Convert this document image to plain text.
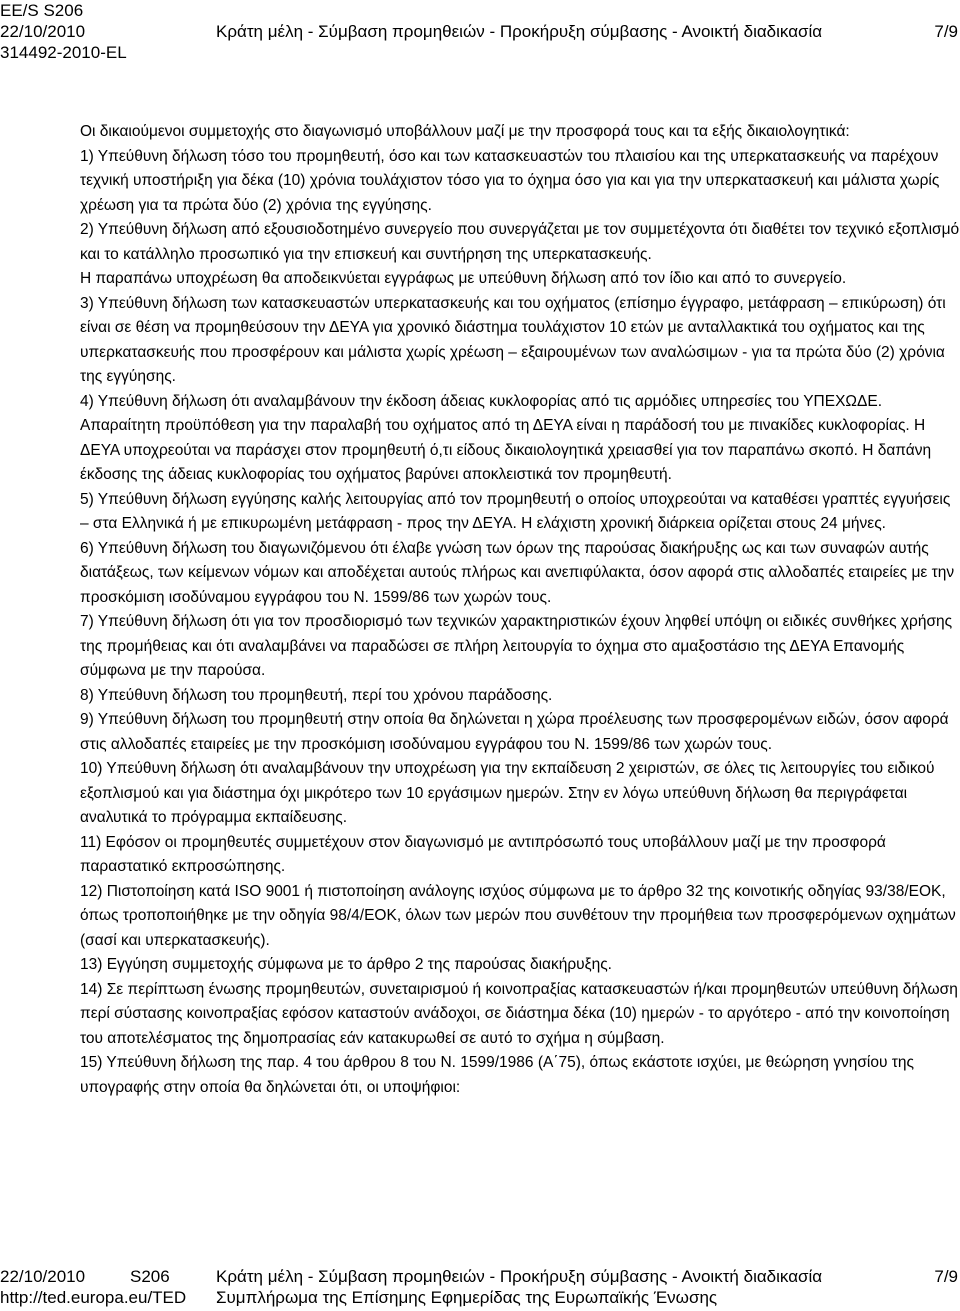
EE/S S206
22/10/2010	Κράτη μέλη - Σύμβαση προμηθειών - Προκήρυξη σύμβασης - Ανοικτή διαδικασία	7/9
314492-2010-EL

Οι δικαιούμενοι συμμετοχής στο διαγωνισμό υποβάλλουν μαζί με την προσφορά τους και τα εξής δικαιολογητικά:

1) Υπεύθυνη δήλωση τόσο του προμηθευτή, όσο και των κατασκευαστών του πλαισίου και της υπερκατασκευής να παρέχουν τεχνική υποστήριξη για δέκα (10) χρόνια τουλάχιστον τόσο για το όχημα όσο για και για την υπερκατασκευή και μάλιστα χωρίς χρέωση για τα πρώτα δύο (2) χρόνια της εγγύησης.

2) Υπεύθυνη δήλωση από εξουσιοδοτημένο συνεργείο που συνεργάζεται με τον συμμετέχοντα ότι διαθέτει τον τεχνικό εξοπλισμό και το κατάλληλο προσωπικό για την επισκευή και συντήρηση της υπερκατασκευής.

Η παραπάνω υποχρέωση θα αποδεικνύεται εγγράφως με υπεύθυνη δήλωση από τον ίδιο και από το συνεργείο.

3) Υπεύθυνη δήλωση των κατασκευαστών υπερκατασκευής και του οχήματος (επίσημο έγγραφο, μετάφραση – επικύρωση) ότι είναι σε θέση να προμηθεύσουν την ΔΕΥΑ για χρονικό διάστημα τουλάχιστον 10 ετών με ανταλλακτικά του οχήματος και της υπερκατασκευής που προσφέρουν και μάλιστα χωρίς χρέωση – εξαιρουμένων των αναλώσιμων - για τα πρώτα δύο (2) χρόνια της εγγύησης.

4) Υπεύθυνη δήλωση ότι αναλαμβάνουν την έκδοση άδειας κυκλοφορίας από τις αρμόδιες υπηρεσίες του ΥΠΕΧΩΔΕ. Απαραίτητη προϋπόθεση για την παραλαβή του οχήματος από τη ΔΕΥΑ είναι η παράδοσή του με πινακίδες κυκλοφορίας. Η ΔΕΥΑ υποχρεούται να παράσχει στον προμηθευτή ό,τι είδους δικαιολογητικά χρειασθεί για τον παραπάνω σκοπό. Η δαπάνη έκδοσης της άδειας κυκλοφορίας του οχήματος βαρύνει αποκλειστικά τον προμηθευτή.

5) Υπεύθυνη δήλωση εγγύησης καλής λειτουργίας από τον προμηθευτή ο οποίος υποχρεούται να καταθέσει γραπτές εγγυήσεις – στα Ελληνικά ή με επικυρωμένη μετάφραση - προς την ΔΕΥΑ. Η ελάχιστη χρονική διάρκεια ορίζεται στους 24 μήνες.

6) Υπεύθυνη δήλωση του διαγωνιζόμενου ότι έλαβε γνώση των όρων της παρούσας διακήρυξης ως και των συναφών αυτής διατάξεως, των κείμενων νόμων και αποδέχεται αυτούς πλήρως και ανεπιφύλακτα, όσον αφορά στις αλλοδαπές εταιρείες με την προσκόμιση ισοδύναμου εγγράφου του Ν. 1599/86 των χωρών τους.

7) Υπεύθυνη δήλωση ότι για τον προσδιορισμό των τεχνικών χαρακτηριστικών έχουν ληφθεί υπόψη οι ειδικές συνθήκες χρήσης της προμήθειας και ότι αναλαμβάνει να παραδώσει σε πλήρη λειτουργία το όχημα στο αμαξοστάσιο της ΔΕΥΑ Επανομής σύμφωνα με την παρούσα.

8) Υπεύθυνη δήλωση του προμηθευτή, περί του χρόνου παράδοσης.

9) Υπεύθυνη δήλωση του προμηθευτή στην οποία θα δηλώνεται η χώρα προέλευσης των προσφερομένων ειδών, όσον αφορά στις αλλοδαπές εταιρείες με την προσκόμιση ισοδύναμου εγγράφου του Ν. 1599/86 των χωρών τους.

10) Υπεύθυνη δήλωση ότι αναλαμβάνουν την υποχρέωση για την εκπαίδευση 2 χειριστών, σε όλες τις λειτουργίες του ειδικού εξοπλισμού και για διάστημα όχι μικρότερο των 10 εργάσιμων ημερών. Στην εν λόγω υπεύθυνη δήλωση θα περιγράφεται αναλυτικά το πρόγραμμα εκπαίδευσης.

11) Εφόσον οι προμηθευτές συμμετέχουν στον διαγωνισμό με αντιπρόσωπό τους υποβάλλουν μαζί με την προσφορά παραστατικό εκπροσώπησης.

12) Πιστοποίηση κατά ISO 9001 ή πιστοποίηση ανάλογης ισχύος σύμφωνα με το άρθρο 32 της κοινοτικής οδηγίας 93/38/ΕΟΚ, όπως τροποποιήθηκε με την οδηγία 98/4/ΕΟΚ, όλων των μερών που συνθέτουν την προμήθεια των προσφερόμενων οχημάτων (σασί και υπερκατασκευής).

13) Εγγύηση συμμετοχής σύμφωνα με το άρθρο 2 της παρούσας διακήρυξης.

14) Σε περίπτωση ένωσης προμηθευτών, συνεταιρισμού ή κοινοπραξίας κατασκευαστών ή/και προμηθευτών υπεύθυνη δήλωση περί σύστασης κοινοπραξίας εφόσον καταστούν ανάδοχοι, σε διάστημα δέκα (10) ημερών - το αργότερο - από την κοινοποίηση του αποτελέσματος της δημοπρασίας εάν κατακυρωθεί σε αυτό το σχήμα η σύμβαση.

15) Υπεύθυνη δήλωση της παρ. 4 του άρθρου 8 του Ν. 1599/1986 (Α΄75), όπως εκάστοτε ισχύει, με θεώρηση γνησίου της υπογραφής στην οποία θα δηλώνεται ότι, οι υποψήφιοι:

22/10/2010	S206	Κράτη μέλη - Σύμβαση προμηθειών - Προκήρυξη σύμβασης - Ανοικτή διαδικασία	7/9
http://ted.europa.eu/TED Συμπλήρωμα της Επίσημης Εφημερίδας της Ευρωπαϊκής Ένωσης
